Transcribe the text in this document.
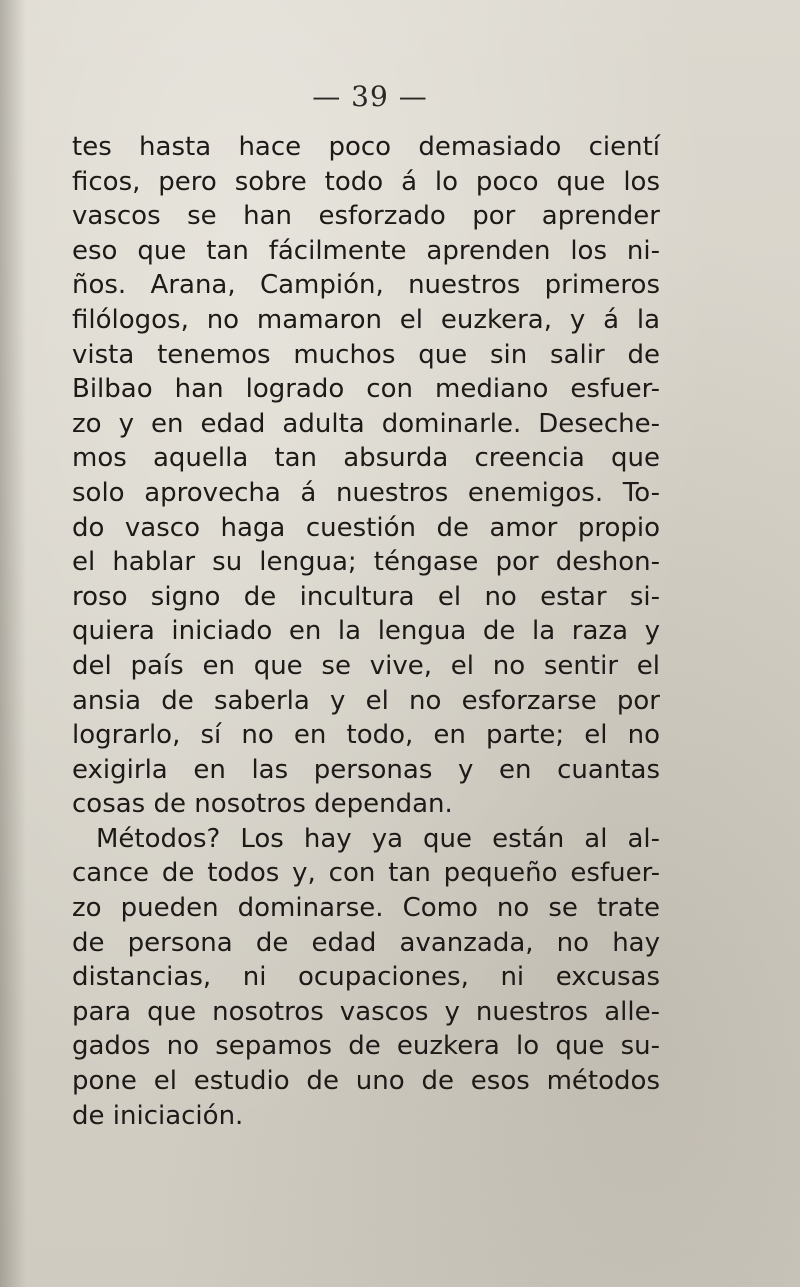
— 39 —
tes hasta hace poco demasiado cientí
ficos, pero sobre todo á lo poco que los
vascos se han esforzado por aprender
eso que tan fácilmente aprenden los ni-
ños. Arana, Campión, nuestros primeros
filólogos, no mamaron el euzkera, y á la
vista tenemos muchos que sin salir de
Bilbao han logrado con mediano esfuer-
zo y en edad adulta dominarle. Deseche-
mos aquella tan absurda creencia que
solo aprovecha á nuestros enemigos. To-
do vasco haga cuestión de amor propio
el hablar su lengua; téngase por deshon-
roso signo de incultura el no estar si-
quiera iniciado en la lengua de la raza y
del país en que se vive, el no sentir el
ansia de saberla y el no esforzarse por
lograrlo, sí no en todo, en parte; el no
exigirla en las personas y en cuantas
cosas de nosotros dependan.
Métodos? Los hay ya que están al al-
cance de todos y, con tan pequeño esfuer-
zo pueden dominarse. Como no se trate
de persona de edad avanzada, no hay
distancias, ni ocupaciones, ni excusas
para que nosotros vascos y nuestros alle-
gados no sepamos de euzkera lo que su-
pone el estudio de uno de esos métodos
de iniciación.
